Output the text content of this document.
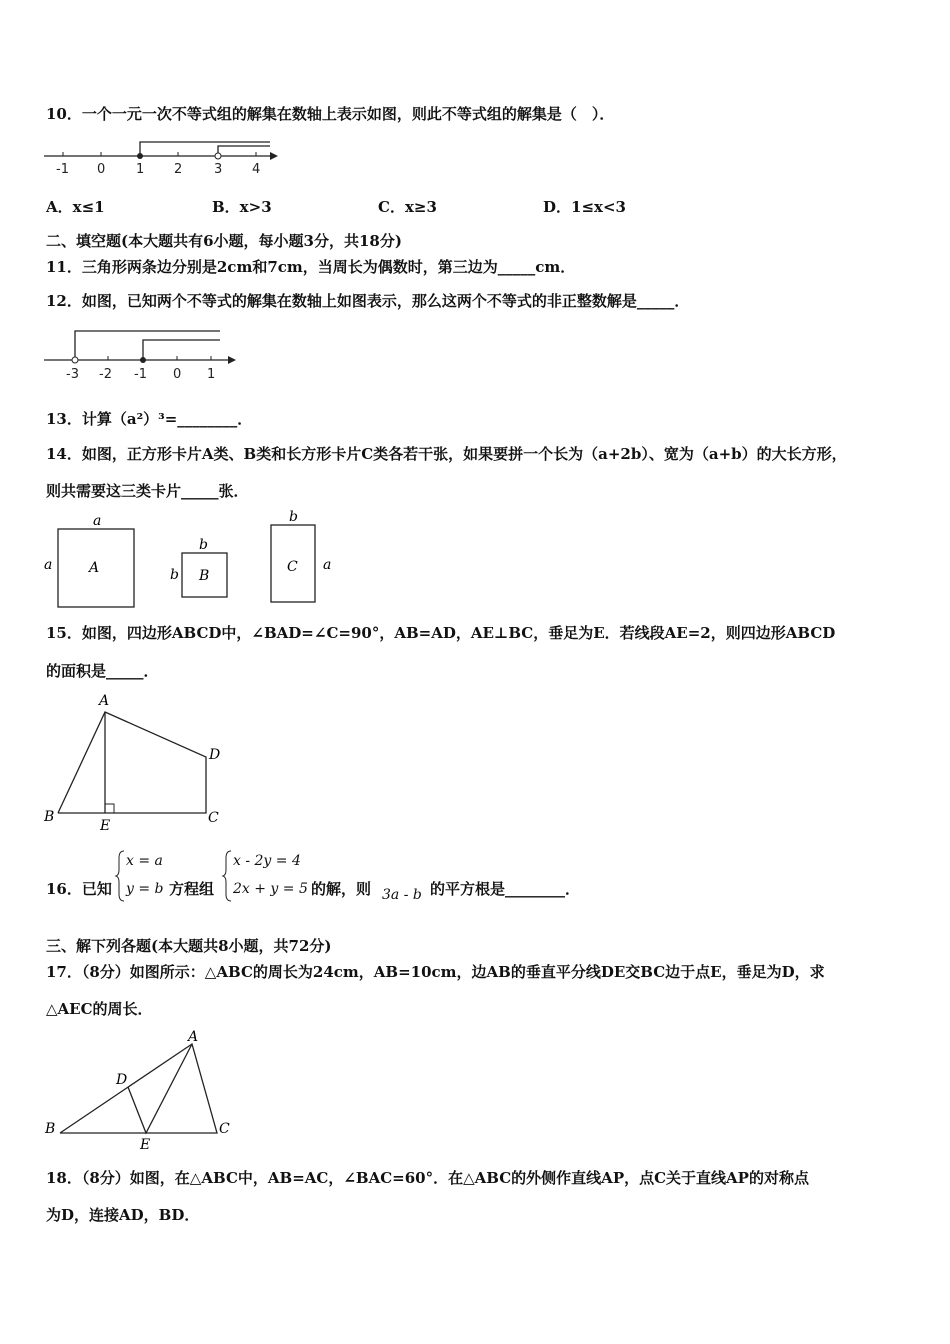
10．一个一元一次不等式组的解集在数轴上表示如图，则此不等式组的解集是（　）．
-1 0 1 2 3 4
A．x≤1	B．x>3	C．x≥3	D．1≤x<3
二、填空题(本大题共有6小题，每小题3分，共18分)
11．三角形两条边分别是2cm和7cm，当周长为偶数时，第三边为_____cm．
12．如图，已知两个不等式的解集在数轴上如图表示，那么这两个不等式的非正整数解是_____．
-3 -2 -1 0 1
13．计算（a²）³=________．
14．如图，正方形卡片A类、B类和长方形卡片C类各若干张，如果要拼一个长为（a+2b）、宽为（a+b）的大长方形，
则共需要这三类卡片_____张．
a
a	A
b
b B
b
a
C
15．如图，四边形ABCD中，∠BAD=∠C=90°，AB=AD，AE⊥BC，垂足为E．若线段AE=2，则四边形ABCD
的面积是_____．
A
B
E	C
D
16．已知
x = a
y = b 方程组
x - 2y = 4
2x + y = 5 的解，则 3a - b 的平方根是________．
三、解下列各题(本大题共8小题，共72分)
17．（8分）如图所示：△ABC的周长为24cm，AB=10cm，边AB的垂直平分线DE交BC边于点E，垂足为D，求
△AEC的周长．
A
B	C
D
E
18．（8分）如图，在△ABC中，AB=AC，∠BAC=60°．在△ABC的外侧作直线AP，点C关于直线AP的对称点
为D，连接AD，BD．
